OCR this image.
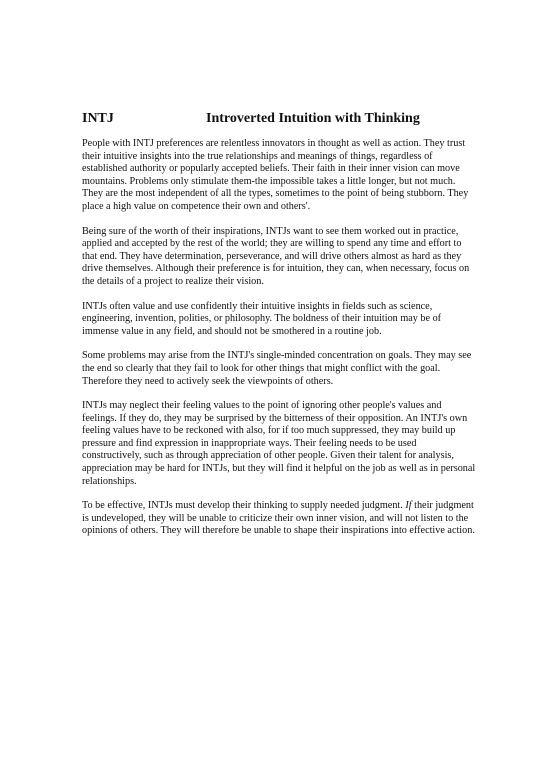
INTJ	Introverted Intuition with Thinking

People with INTJ preferences are relentless innovators in thought as well as action. They trust their intuitive insights into the true relationships and meanings of things, regardless of established authority or popularly accepted beliefs. Their faith in their inner vision can move mountains. Problems only stimulate them-the impossible takes a little longer, but not much. They are the most independent of all the types, sometimes to the point of being stubborn. They place a high value on competence their own and others'.

Being sure of the worth of their inspirations, INTJs want to see them worked out in practice, applied and accepted by the rest of the world; they are willing to spend any time and effort to that end. They have determination, perseverance, and will drive others almost as hard as they drive themselves. Although their preference is for intuition, they can, when necessary, focus on the details of a project to realize their vision.

INTJs often value and use confidently their intuitive insights in fields such as science, engineering, invention, polities, or philosophy. The boldness of their intuition may be of immense value in any field, and should not be smothered in a routine job.

Some problems may arise from the INTJ's single-minded concentration on goals. They may see the end so clearly that they fail to look for other things that might conflict with the goal. Therefore they need to actively seek the viewpoints of others.

INTJs may neglect their feeling values to the point of ignoring other people's values and feelings. If they do, they may be surprised by the bitterness of their opposition. An INTJ's own feeling values have to be reckoned with also, for if too much suppressed, they may build up pressure and find expression in inappropriate ways. Their feeling needs to be used constructively, such as through appreciation of other people. Given their talent for analysis, appreciation may be hard for INTJs, but they will find it helpful on the job as well as in personal relationships.

To be effective, INTJs must develop their thinking to supply needed judgment. If their judgment is undeveloped, they will be unable to criticize their own inner vision, and will not listen to the opinions of others. They will therefore be unable to shape their inspirations into effective action.
